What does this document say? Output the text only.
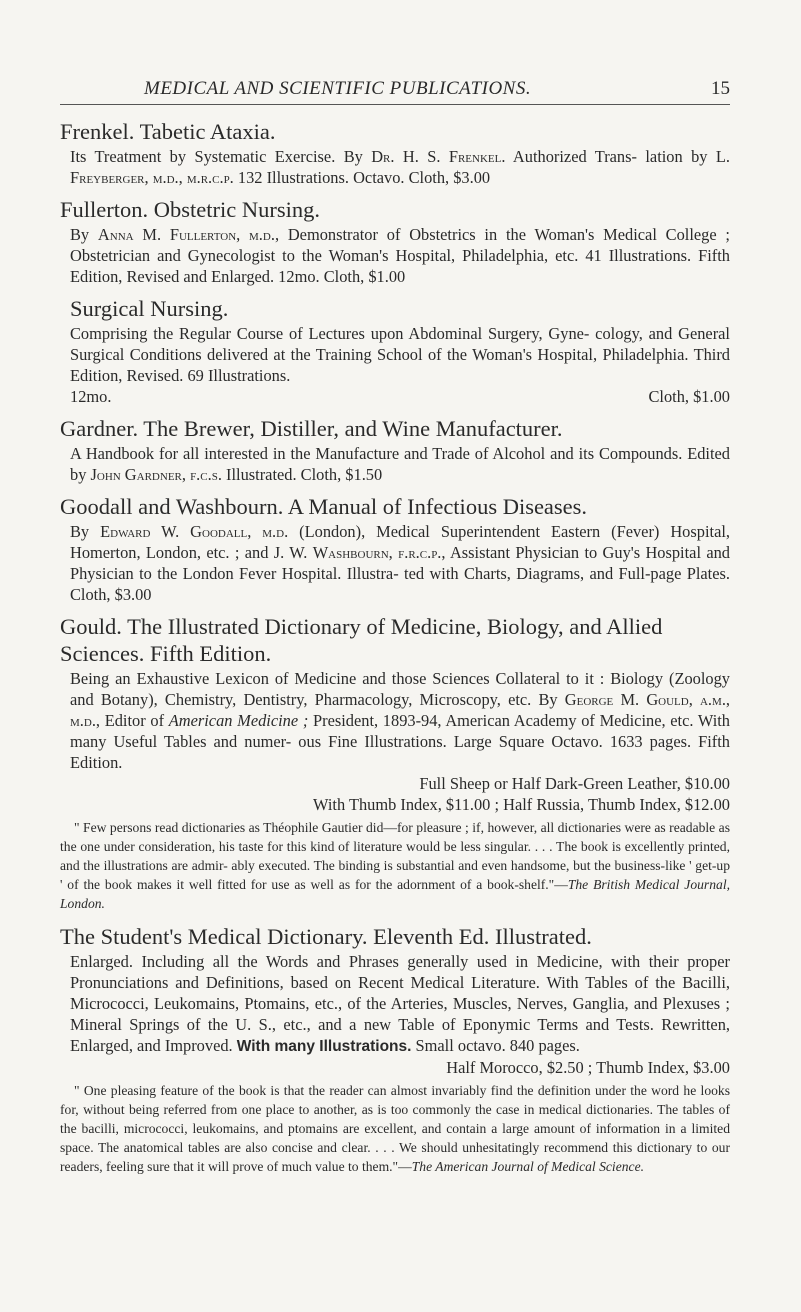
MEDICAL AND SCIENTIFIC PUBLICATIONS.	15
Frenkel. Tabetic Ataxia.
Its Treatment by Systematic Exercise. By Dr. H. S. Frenkel. Authorized Trans- lation by L. Freyberger, m.d., m.r.c.p. 132 Illustrations. Octavo. Cloth, $3.00
Fullerton. Obstetric Nursing.
By Anna M. Fullerton, m.d., Demonstrator of Obstetrics in the Woman's Medical College ; Obstetrician and Gynecologist to the Woman's Hospital, Philadelphia, etc. 41 Illustrations. Fifth Edition, Revised and Enlarged. 12mo. Cloth, $1.00
Surgical Nursing.
Comprising the Regular Course of Lectures upon Abdominal Surgery, Gyne- cology, and General Surgical Conditions delivered at the Training School of the Woman's Hospital, Philadelphia. Third Edition, Revised. 69 Illustrations.
12mo.	Cloth, $1.00
Gardner. The Brewer, Distiller, and Wine Manufacturer.
A Handbook for all interested in the Manufacture and Trade of Alcohol and its Compounds. Edited by John Gardner, f.c.s. Illustrated. Cloth, $1.50
Goodall and Washbourn. A Manual of Infectious Diseases.
By Edward W. Goodall, m.d. (London), Medical Superintendent Eastern (Fever) Hospital, Homerton, London, etc. ; and J. W. Washbourn, f.r.c.p., Assistant Physician to Guy's Hospital and Physician to the London Fever Hospital. Illustra- ted with Charts, Diagrams, and Full-page Plates. Cloth, $3.00
Gould. The Illustrated Dictionary of Medicine, Biology, and Allied Sciences. Fifth Edition.
Being an Exhaustive Lexicon of Medicine and those Sciences Collateral to it : Biology (Zoology and Botany), Chemistry, Dentistry, Pharmacology, Microscopy, etc. By George M. Gould, a.m., m.d., Editor of American Medicine ; President, 1893-94, American Academy of Medicine, etc. With many Useful Tables and numer- ous Fine Illustrations. Large Square Octavo. 1633 pages. Fifth Edition.
Full Sheep or Half Dark-Green Leather, $10.00
With Thumb Index, $11.00 ; Half Russia, Thumb Index, $12.00
" Few persons read dictionaries as Théophile Gautier did—for pleasure ; if, however, all dictionaries were as readable as the one under consideration, his taste for this kind of literature would be less singular. . . . The book is excellently printed, and the illustrations are admir- ably executed. The binding is substantial and even handsome, but the business-like ' get-up ' of the book makes it well fitted for use as well as for the adornment of a book-shelf."—The British Medical Journal, London.
The Student's Medical Dictionary. Eleventh Ed. Illustrated.
Enlarged. Including all the Words and Phrases generally used in Medicine, with their proper Pronunciations and Definitions, based on Recent Medical Literature. With Tables of the Bacilli, Micrococci, Leukomains, Ptomains, etc., of the Arteries, Muscles, Nerves, Ganglia, and Plexuses ; Mineral Springs of the U. S., etc., and a new Table of Eponymic Terms and Tests. Rewritten, Enlarged, and Improved. With many Illustrations. Small octavo. 840 pages.
Half Morocco, $2.50 ; Thumb Index, $3.00
" One pleasing feature of the book is that the reader can almost invariably find the definition under the word he looks for, without being referred from one place to another, as is too commonly the case in medical dictionaries. The tables of the bacilli, micrococci, leukomains, and ptomains are excellent, and contain a large amount of information in a limited space. The anatomical tables are also concise and clear. . . . We should unhesitatingly recommend this dictionary to our readers, feeling sure that it will prove of much value to them."—The American Journal of Medical Science.
